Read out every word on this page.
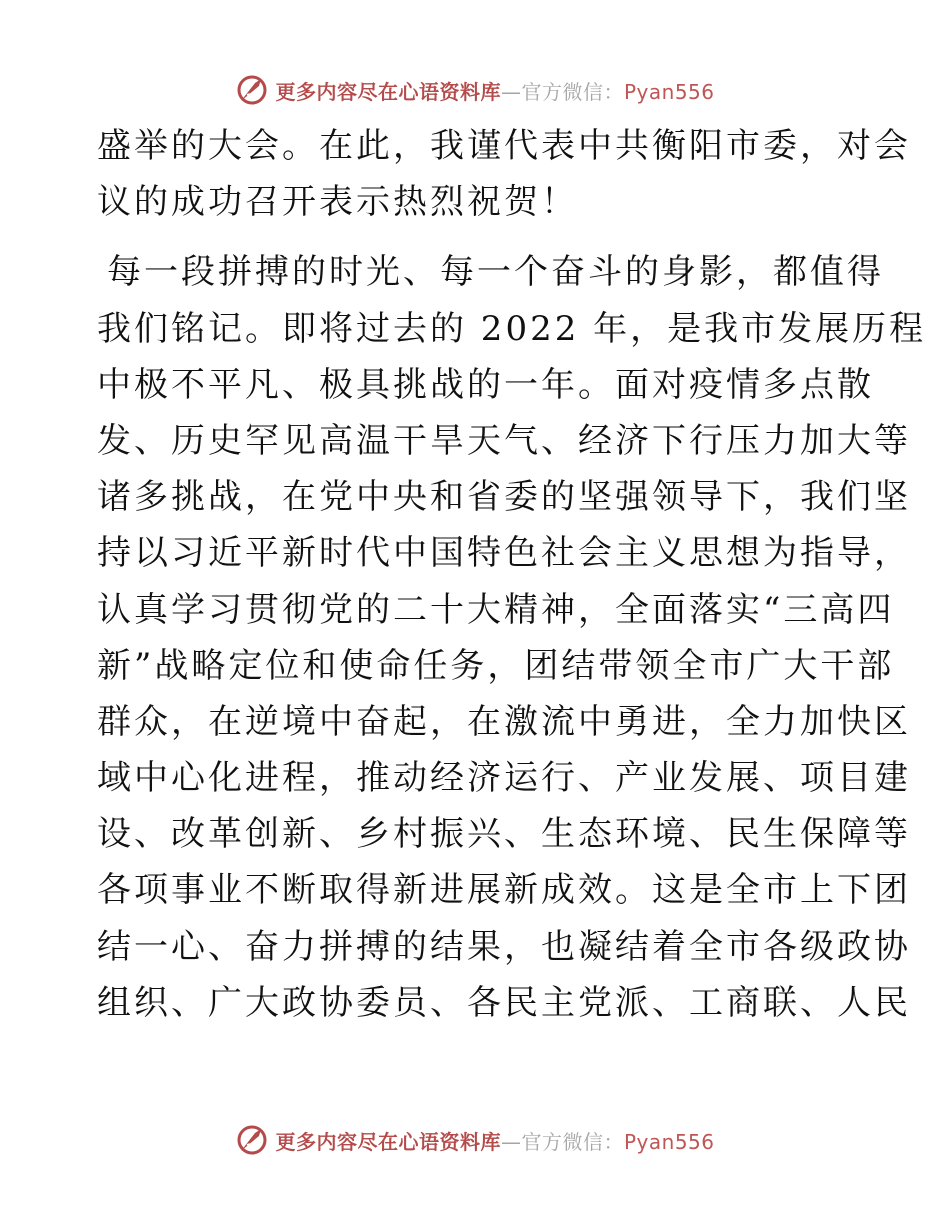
更多内容尽在心语资料库—官方微信：Pyan556
盛举的大会。在此，我谨代表中共衡阳市委，对会
议的成功召开表示热烈祝贺！
每一段拼搏的时光、每一个奋斗的身影，都值得
我们铭记。即将过去的 2022 年，是我市发展历程
中极不平凡、极具挑战的一年。面对疫情多点散
发、历史罕见高温干旱天气、经济下行压力加大等
诸多挑战，在党中央和省委的坚强领导下，我们坚
持以习近平新时代中国特色社会主义思想为指导，
认真学习贯彻党的二十大精神，全面落实“三高四
新”战略定位和使命任务，团结带领全市广大干部
群众，在逆境中奋起，在激流中勇进，全力加快区
域中心化进程，推动经济运行、产业发展、项目建
设、改革创新、乡村振兴、生态环境、民生保障等
各项事业不断取得新进展新成效。这是全市上下团
结一心、奋力拼搏的结果，也凝结着全市各级政协
组织、广大政协委员、各民主党派、工商联、人民
更多内容尽在心语资料库—官方微信：Pyan556
